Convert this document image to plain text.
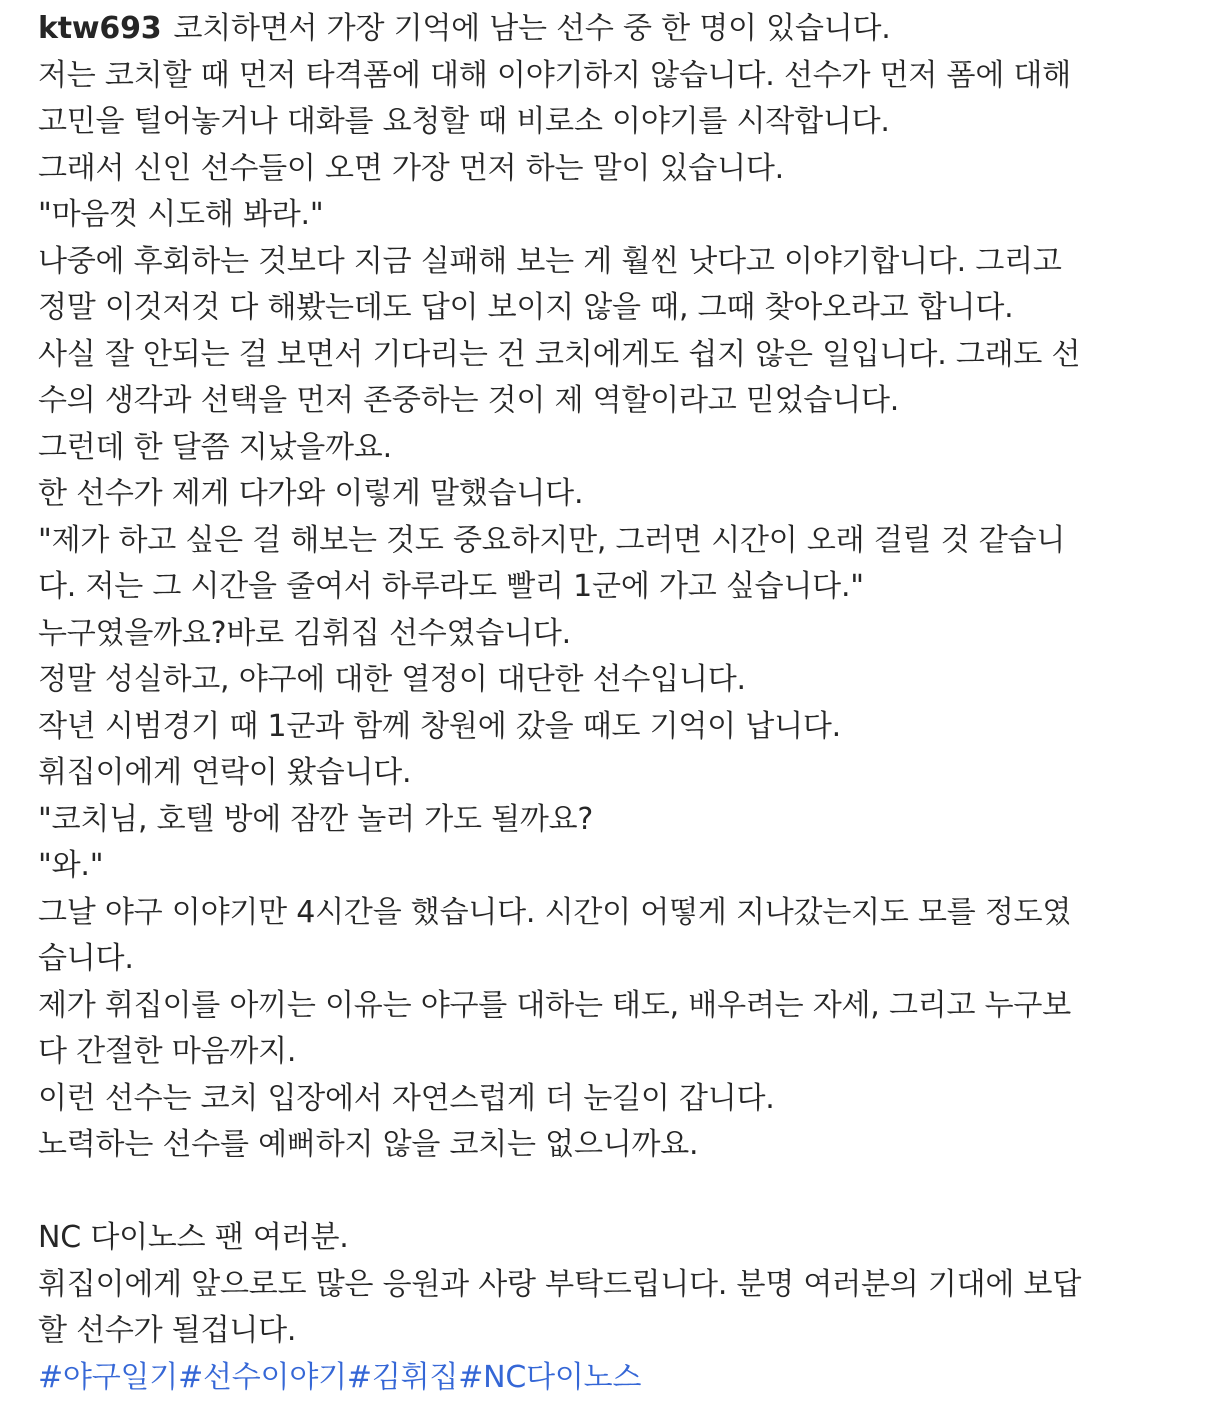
ktw693 코치하면서 가장 기억에 남는 선수 중 한 명이 있습니다.
저는 코치할 때 먼저 타격폼에 대해 이야기하지 않습니다. 선수가 먼저 폼에 대해
고민을 털어놓거나 대화를 요청할 때 비로소 이야기를 시작합니다.
그래서 신인 선수들이 오면 가장 먼저 하는 말이 있습니다.
"마음껏 시도해 봐라."
나중에 후회하는 것보다 지금 실패해 보는 게 훨씬 낫다고 이야기합니다. 그리고
정말 이것저것 다 해봤는데도 답이 보이지 않을 때, 그때 찾아오라고 합니다.
사실 잘 안되는 걸 보면서 기다리는 건 코치에게도 쉽지 않은 일입니다. 그래도 선
수의 생각과 선택을 먼저 존중하는 것이 제 역할이라고 믿었습니다.
그런데 한 달쯤 지났을까요.
한 선수가 제게 다가와 이렇게 말했습니다.
"제가 하고 싶은 걸 해보는 것도 중요하지만, 그러면 시간이 오래 걸릴 것 같습니
다. 저는 그 시간을 줄여서 하루라도 빨리 1군에 가고 싶습니다."
누구였을까요?바로 김휘집 선수였습니다.
정말 성실하고, 야구에 대한 열정이 대단한 선수입니다.
작년 시범경기 때 1군과 함께 창원에 갔을 때도 기억이 납니다.
휘집이에게 연락이 왔습니다.
"코치님, 호텔 방에 잠깐 놀러 가도 될까요?
"와."
그날 야구 이야기만 4시간을 했습니다. 시간이 어떻게 지나갔는지도 모를 정도였
습니다.
제가 휘집이를 아끼는 이유는 야구를 대하는 태도, 배우려는 자세, 그리고 누구보
다 간절한 마음까지.
이런 선수는 코치 입장에서 자연스럽게 더 눈길이 갑니다.
노력하는 선수를 예뻐하지 않을 코치는 없으니까요.
NC 다이노스 팬 여러분.
휘집이에게 앞으로도 많은 응원과 사랑 부탁드립니다. 분명 여러분의 기대에 보답
할 선수가 될겁니다.
#야구일기#선수이야기#김휘집#NC다이노스
